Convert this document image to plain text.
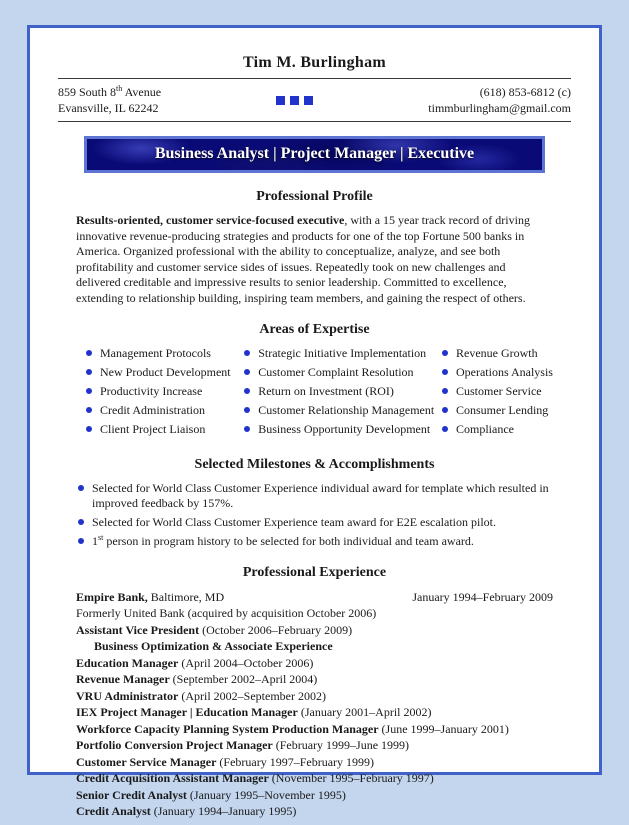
Tim M. Burlingham
859 South 8th Avenue
Evansville, IL 62242
(618) 853-6812 (c)
timmburlingham@gmail.com
Business Analyst | Project Manager | Executive
Professional Profile
Results-oriented, customer service-focused executive, with a 15 year track record of driving innovative revenue-producing strategies and products for one of the top Fortune 500 banks in America. Organized professional with the ability to conceptualize, analyze, and see both profitability and customer service sides of issues. Repeatedly took on new challenges and delivered creditable and impressive results to senior leadership. Committed to excellence, extending to relationship building, inspiring team members, and gaining the respect of others.
Areas of Expertise
Management Protocols
New Product Development
Productivity Increase
Credit Administration
Client Project Liaison
Strategic Initiative Implementation
Customer Complaint Resolution
Return on Investment (ROI)
Customer Relationship Management
Business Opportunity Development
Revenue Growth
Operations Analysis
Customer Service
Consumer Lending
Compliance
Selected Milestones & Accomplishments
Selected for World Class Customer Experience individual award for template which resulted in improved feedback by 157%.
Selected for World Class Customer Experience team award for E2E escalation pilot.
1st person in program history to be selected for both individual and team award.
Professional Experience
Empire Bank, Baltimore, MD	January 1994–February 2009
Formerly United Bank (acquired by acquisition October 2006)
Assistant Vice President (October 2006–February 2009)
Business Optimization & Associate Experience
Education Manager (April 2004–October 2006)
Revenue Manager (September 2002–April 2004)
VRU Administrator (April 2002–September 2002)
IEX Project Manager | Education Manager (January 2001–April 2002)
Workforce Capacity Planning System Production Manager (June 1999–January 2001)
Portfolio Conversion Project Manager (February 1999–June 1999)
Customer Service Manager (February 1997–February 1999)
Credit Acquisition Assistant Manager (November 1995–February 1997)
Senior Credit Analyst (January 1995–November 1995)
Credit Analyst (January 1994–January 1995)
